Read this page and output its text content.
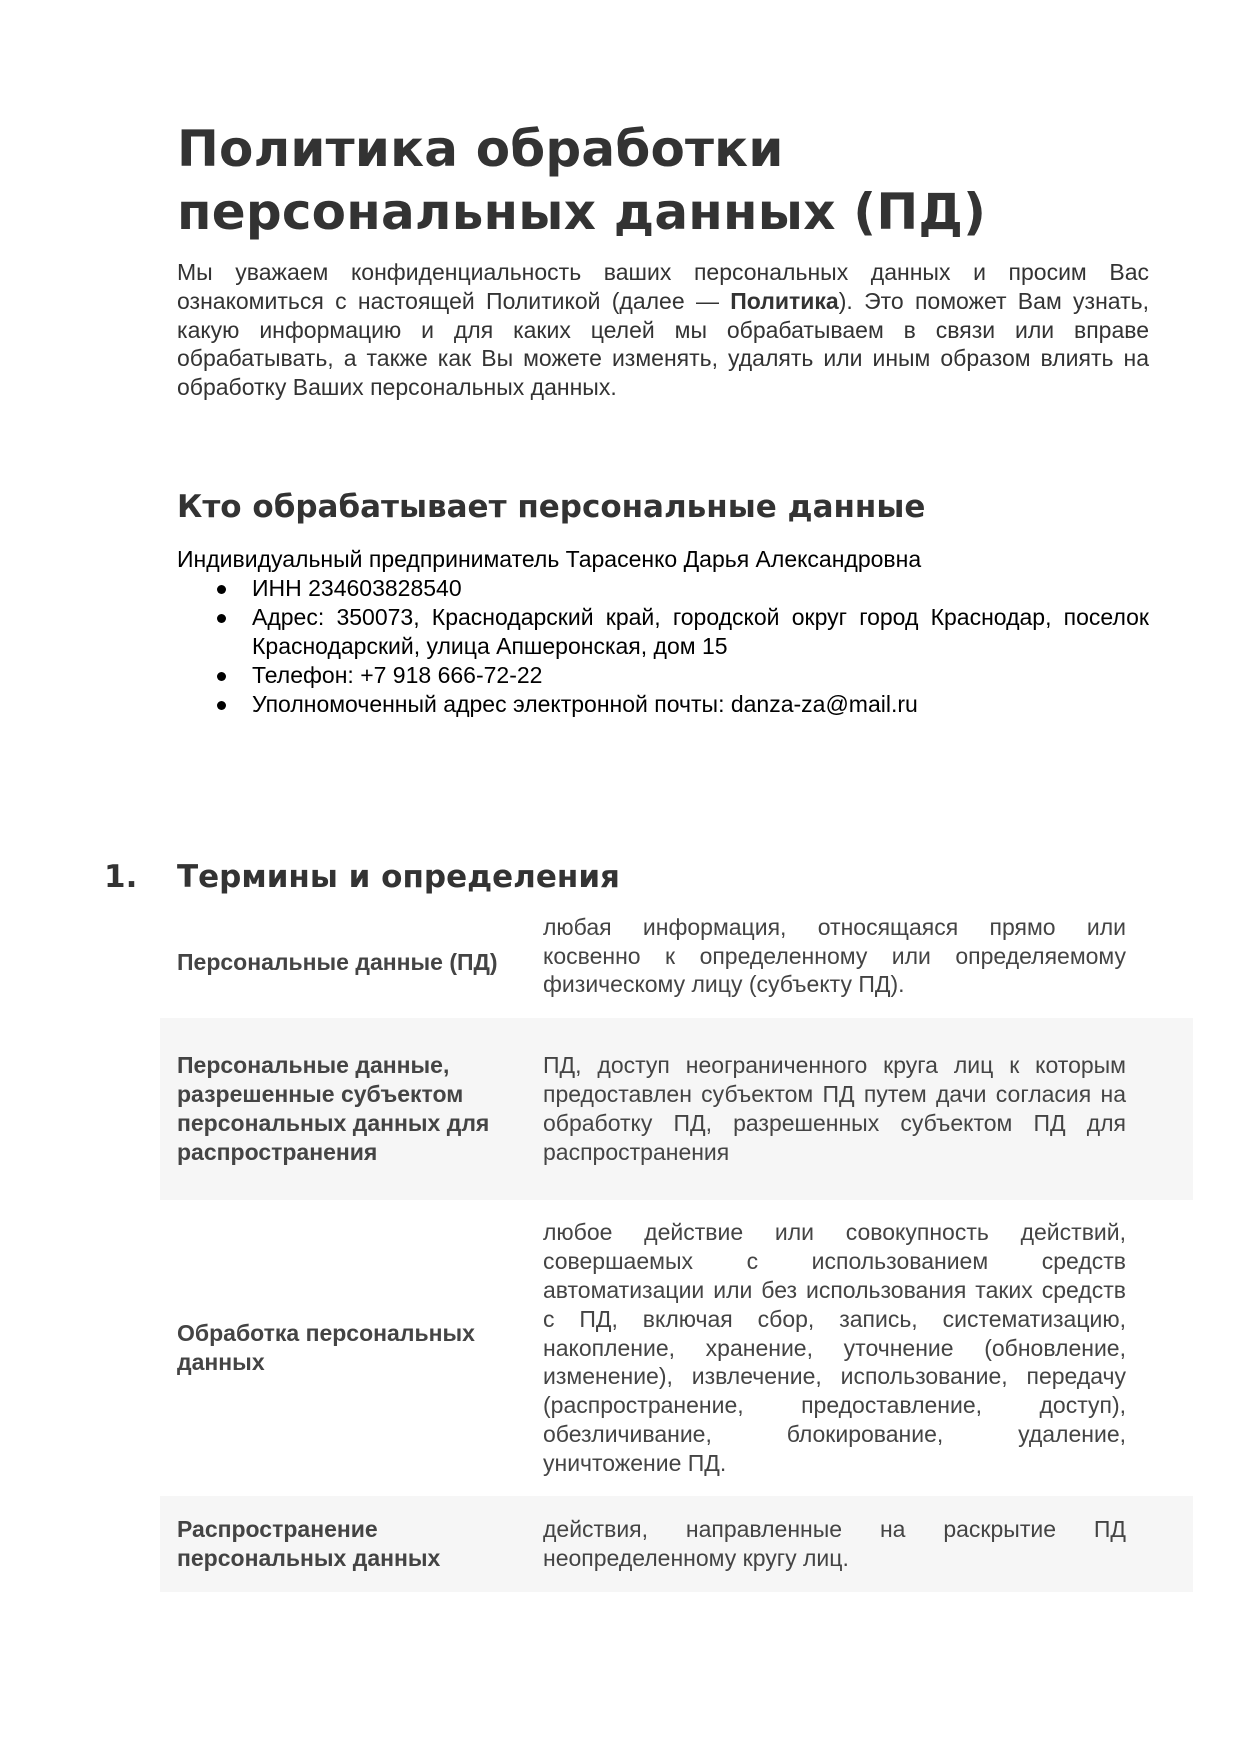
Политика обработки персональных данных (ПД)

Мы уважаем конфиденциальность ваших персональных данных и просим Вас ознакомиться с настоящей Политикой (далее — Политика). Это поможет Вам узнать, какую информацию и для каких целей мы обрабатываем в связи или вправе обрабатывать, а также как Вы можете изменять, удалять или иным образом влиять на обработку Ваших персональных данных.

Кто обрабатывает персональные данные

Индивидуальный предприниматель Тарасенко Дарья Александровна

ИНН 234603828540
Адрес: 350073, Краснодарский край, городской округ город Краснодар, поселок Краснодарский, улица Апшеронская, дом 15
Телефон: +7 918 666-72-22
Уполномоченный адрес электронной почты: danza-za@mail.ru
1.	Термины и определения
Персональные данные (ПД)
любая информация, относящаяся прямо или косвенно к определенному или определяемому физическому лицу (субъекту ПД).
Персональные данные, разрешенные субъектом персональных данных для распространения
ПД, доступ неограниченного круга лиц к которым предоставлен субъектом ПД путем дачи согласия на обработку ПД, разрешенных субъектом ПД для распространения
Обработка персональных данных
любое действие или совокупность действий, совершаемых с использованием средств автоматизации или без использования таких средств с ПД, включая сбор, запись, систематизацию, накопление, хранение, уточнение (обновление, изменение), извлечение, использование, передачу (распространение, предоставление, доступ), обезличивание, блокирование, удаление, уничтожение ПД.
Распространение персональных данных
действия, направленные на раскрытие ПД неопределенному кругу лиц.
